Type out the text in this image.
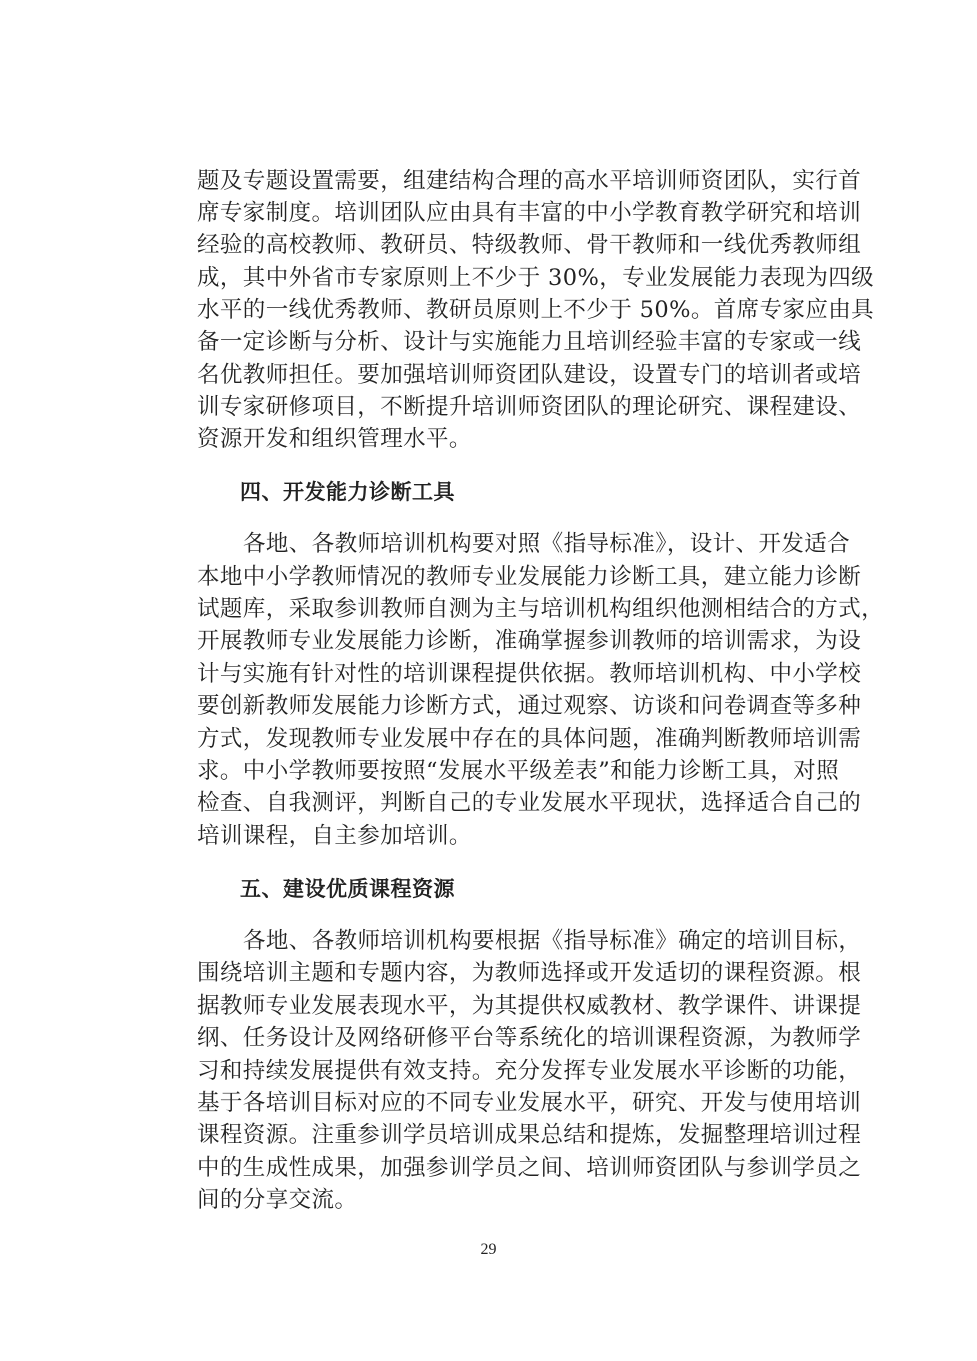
题及专题设置需要，组建结构合理的高水平培训师资团队，实行首
席专家制度。培训团队应由具有丰富的中小学教育教学研究和培训
经验的高校教师、教研员、特级教师、骨干教师和一线优秀教师组
成，其中外省市专家原则上不少于 30%，专业发展能力表现为四级
水平的一线优秀教师、教研员原则上不少于 50%。首席专家应由具
备一定诊断与分析、设计与实施能力且培训经验丰富的专家或一线
名优教师担任。要加强培训师资团队建设，设置专门的培训者或培
训专家研修项目，不断提升培训师资团队的理论研究、课程建设、
资源开发和组织管理水平。
四、开发能力诊断工具
各地、各教师培训机构要对照《指导标准》，设计、开发适合
本地中小学教师情况的教师专业发展能力诊断工具，建立能力诊断
试题库，采取参训教师自测为主与培训机构组织他测相结合的方式，
开展教师专业发展能力诊断，准确掌握参训教师的培训需求，为设
计与实施有针对性的培训课程提供依据。教师培训机构、中小学校
要创新教师发展能力诊断方式，通过观察、访谈和问卷调查等多种
方式，发现教师专业发展中存在的具体问题，准确判断教师培训需
求。中小学教师要按照“发展水平级差表”和能力诊断工具，对照
检查、自我测评，判断自己的专业发展水平现状，选择适合自己的
培训课程，自主参加培训。
五、建设优质课程资源
各地、各教师培训机构要根据《指导标准》确定的培训目标，
围绕培训主题和专题内容，为教师选择或开发适切的课程资源。根
据教师专业发展表现水平，为其提供权威教材、教学课件、讲课提
纲、任务设计及网络研修平台等系统化的培训课程资源，为教师学
习和持续发展提供有效支持。充分发挥专业发展水平诊断的功能，
基于各培训目标对应的不同专业发展水平，研究、开发与使用培训
课程资源。注重参训学员培训成果总结和提炼，发掘整理培训过程
中的生成性成果，加强参训学员之间、培训师资团队与参训学员之
间的分享交流。
29
